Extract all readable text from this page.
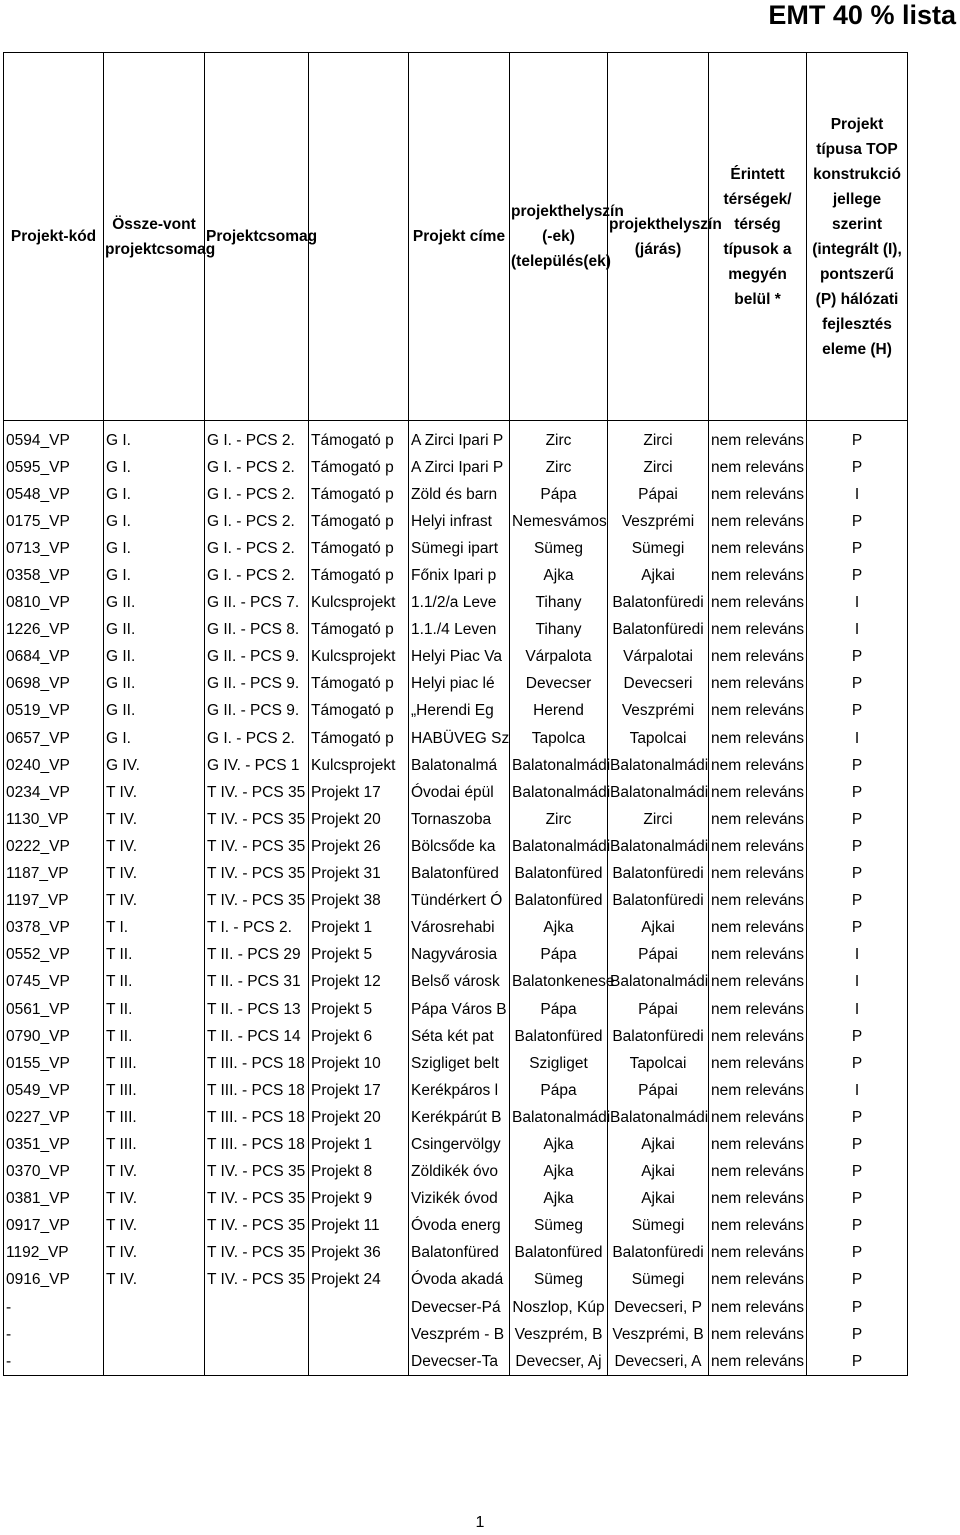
EMT 40 % lista
Projekt-kód	Össze-vont projektcsomag	Projektcsomag		Projekt címe	projekthelyszín (-ek) (település(ek)	projekthelyszín (járás)	Érintett térségek/ térség típusok a megyén belül *	Projekt típusa TOP konstrukció jellege szerint (integrált (I), pontszerű (P) hálózati fejlesztés eleme (H)
0594_VP	G I.	G I. - PCS 2.	Támogató p	A Zirci Ipari P	Zirc	Zirci	nem releváns	P
0595_VP	G I.	G I. - PCS 2.	Támogató p	A Zirci Ipari P	Zirc	Zirci	nem releváns	P
0548_VP	G I.	G I. - PCS 2.	Támogató p	Zöld és barn	Pápa	Pápai	nem releváns	I
0175_VP	G I.	G I. - PCS 2.	Támogató p	Helyi infrast	Nemesvámos	Veszprémi	nem releváns	P
0713_VP	G I.	G I. - PCS 2.	Támogató p	Sümegi ipart	Sümeg	Sümegi	nem releváns	P
0358_VP	G I.	G I. - PCS 2.	Támogató p	Főnix Ipari p	Ajka	Ajkai	nem releváns	P
0810_VP	G II.	G II. - PCS 7.	Kulcsprojekt	1.1/2/a Leve	Tihany	Balatonfüredi	nem releváns	I
1226_VP	G II.	G II. - PCS 8.	Támogató p	1.1./4 Leven	Tihany	Balatonfüredi	nem releváns	I
0684_VP	G II.	G II. - PCS 9.	Kulcsprojekt	Helyi Piac Va	Várpalota	Várpalotai	nem releváns	P
0698_VP	G II.	G II. - PCS 9.	Támogató p	Helyi piac lé	Devecser	Devecseri	nem releváns	P
0519_VP	G II.	G II. - PCS 9.	Támogató p	„Herendi Eg	Herend	Veszprémi	nem releváns	P
0657_VP	G I.	G I. - PCS 2.	Támogató p	HABÜVEG Sz	Tapolca	Tapolcai	nem releváns	I
0240_VP	G IV.	G IV. - PCS 1	Kulcsprojekt	Balatonalmá	Balatonalmádi	Balatonalmádi	nem releváns	P
0234_VP	T IV.	T IV. - PCS 35	Projekt 17	Óvodai épül	Balatonalmádi	Balatonalmádi	nem releváns	P
1130_VP	T IV.	T IV. - PCS 35	Projekt 20	Tornaszoba	Zirc	Zirci	nem releváns	P
0222_VP	T IV.	T IV. - PCS 35	Projekt 26	Bölcsőde ka	Balatonalmádi	Balatonalmádi	nem releváns	P
1187_VP	T IV.	T IV. - PCS 35	Projekt 31	Balatonfüred	Balatonfüred	Balatonfüredi	nem releváns	P
1197_VP	T IV.	T IV. - PCS 35	Projekt 38	Tündérkert Ó	Balatonfüred	Balatonfüredi	nem releváns	P
0378_VP	T I.	T I. - PCS 2.	Projekt 1	Városrehabi	Ajka	Ajkai	nem releváns	P
0552_VP	T II.	T II. - PCS 29	Projekt 5	Nagyvárosia	Pápa	Pápai	nem releváns	I
0745_VP	T II.	T II. - PCS 31	Projekt 12	Belső városk	Balatonkenese	Balatonalmádi	nem releváns	I
0561_VP	T II.	T II. - PCS 13	Projekt 5	Pápa Város B	Pápa	Pápai	nem releváns	I
0790_VP	T II.	T II. - PCS 14	Projekt 6	Séta két pat	Balatonfüred	Balatonfüredi	nem releváns	P
0155_VP	T III.	T III. - PCS 18	Projekt 10	Szigliget belt	Szigliget	Tapolcai	nem releváns	P
0549_VP	T III.	T III. - PCS 18	Projekt 17	Kerékpáros l	Pápa	Pápai	nem releváns	I
0227_VP	T III.	T III. - PCS 18	Projekt 20	Kerékpárút B	Balatonalmádi	Balatonalmádi	nem releváns	P
0351_VP	T III.	T III. - PCS 18	Projekt 1	Csingervölgy	Ajka	Ajkai	nem releváns	P
0370_VP	T IV.	T IV. - PCS 35	Projekt 8	Zöldikék óvo	Ajka	Ajkai	nem releváns	P
0381_VP	T IV.	T IV. - PCS 35	Projekt 9	Vizikék óvod	Ajka	Ajkai	nem releváns	P
0917_VP	T IV.	T IV. - PCS 35	Projekt 11	Óvoda energ	Sümeg	Sümegi	nem releváns	P
1192_VP	T IV.	T IV. - PCS 35	Projekt 36	Balatonfüred	Balatonfüred	Balatonfüredi	nem releváns	P
0916_VP	T IV.	T IV. - PCS 35	Projekt 24	Óvoda akadá	Sümeg	Sümegi	nem releváns	P
-				Devecser-Pá	Noszlop, Kúp	Devecseri, P	nem releváns	P
-				Veszprém - B	Veszprém, B	Veszprémi, B	nem releváns	P
-				Devecser-Ta	Devecser, Aj	Devecseri, A	nem releváns	P
1
